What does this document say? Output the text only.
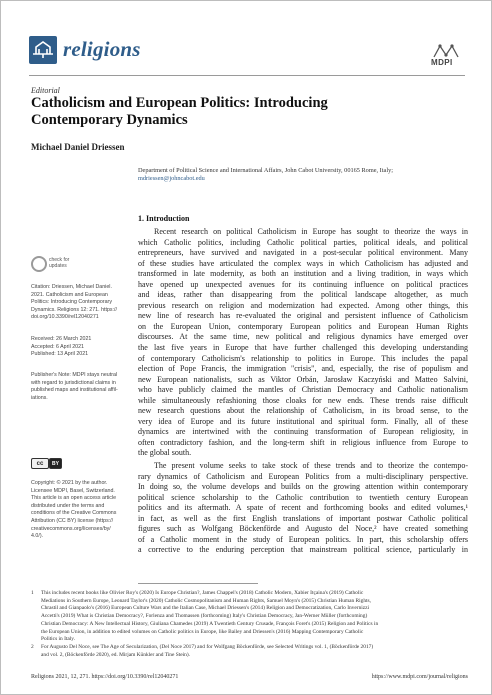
religions
MDPI
Editorial
Catholicism and European Politics: Introducing
Contemporary Dynamics
Michael Daniel Driessen
Department of Political Science and International Affairs, John Cabot University, 00165 Rome, Italy;
mdriessen@johncabot.edu
check for
updates
Citation: Driessen, Michael Daniel.
2021. Catholicism and European
Politics: Introducing Contemporary
Dynamics. Religions 12: 271. https://
doi.org/10.3390/rel12040271
Received: 26 March 2021
Accepted: 6 April 2021
Published: 13 April 2021
Publisher's Note: MDPI stays neutral
with regard to jurisdictional claims in
published maps and institutional affil-
iations.
cc	BY
Copyright: © 2021 by the author.
Licensee MDPI, Basel, Switzerland.
This article is an open access article
distributed under the terms and
conditions of the Creative Commons
Attribution (CC BY) license (https://
creativecommons.org/licenses/by/
4.0/).
1. Introduction
Recent research on political Catholicism in Europe has sought to theorize the ways in
which Catholic politics, including Catholic political parties, political ideals, and political
entrepreneurs, have survived and navigated in a post-secular political environment. Many
of these studies have articulated the complex ways in which Catholicism has adjusted and
transformed in late modernity, as both an institution and a living tradition, in ways which
have opened up unexpected avenues for its continuing influence on political practices
and ideas, rather than disappearing from the political landscape altogether, as much
previous research on religion and modernization had expected. Among other things, this
new line of research has re-evaluated the original and persistent influence of Catholicism
on the European Union, contemporary European politics and European Human Rights
discourses. At the same time, new political and religious dynamics have emerged over
the last five years in Europe that have further challenged this developing understanding
of contemporary Catholicism's relationship to politics in Europe. This includes the papal
election of Pope Francis, the immigration "crisis", and, especially, the rise of populism and
new European nationalists, such as Viktor Orbán, Jarosław Kaczyński and Matteo Salvini,
who have publicly claimed the mantles of Christian Democracy and Catholic nationalism
while simultaneously refashioning those cloaks for new ends. These trends raise difficult
new research questions about the relationship of Catholicism, in its broad sense, to the
very idea of Europe and its future institutional and spiritual form. Finally, all of these
dynamics are intertwined with the continuing transformation of European religiosity, in
often contradictory fashion, and the long-term shift in religious influence from Europe to
the global south.
The present volume seeks to take stock of these trends and to theorize the contempo-
rary dynamics of Catholicism and European Politics from a multi-disciplinary perspective.
In doing so, the volume develops and builds on the growing attention within contemporary
political science scholarship to the Catholic contribution to twentieth century European
politics and its aftermath. A spate of recent and forthcoming books and edited volumes,¹
in fact, as well as the first English translations of important postwar Catholic political
figures such as Wolfgang Böckenförde and Augusto del Noce,² have created something
of a Catholic moment in the study of European politics. In part, this scholarship offers
a corrective to the enduring perception that mainstream political science, particularly in
1 This includes recent books like Olivier Roy's (2020) Is Europe Christian?, James Chappel's (2018) Catholic Modern, Xabier Itçaina's (2019) Catholic
Mediations in Southern Europe, Leonard Taylor's (2020) Catholic Cosmopolitanism and Human Rights, Samuel Moyn's (2015) Christian Human Rights,
Chrastil and Gianpaolo's (2016) European Culture Wars and the Italian Case, Michael Driessen's (2014) Religion and Democratization, Carlo Invernizzi
Accetti's (2019) What is Christian Democracy?, Forlenza and Thomassen (forthcoming) Italy's Christian Democracy, Jan-Werner Müller (forthcoming)
Christian Democracy: A New Intellectual History, Giuliana Chamedes (2019) A Twentieth Century Crusade, François Foret's (2015) Religion and Politics in
the European Union, in addition to edited volumes on Catholic politics in Europe, like Bailey and Driessen's (2016) Mapping Contemporary Catholic
Politics in Italy.
2 For Augusto Del Noce, see The Age of Secularization, (Del Noce 2017) and for Wolfgang Böckenförde, see Selected Writings vol. 1, (Böckenförde 2017)
and vol. 2, (Böckenförde 2020), ed. Mirjam Künkler and Tine Stein).
Religions 2021, 12, 271. https://doi.org/10.3390/rel12040271	https://www.mdpi.com/journal/religions
